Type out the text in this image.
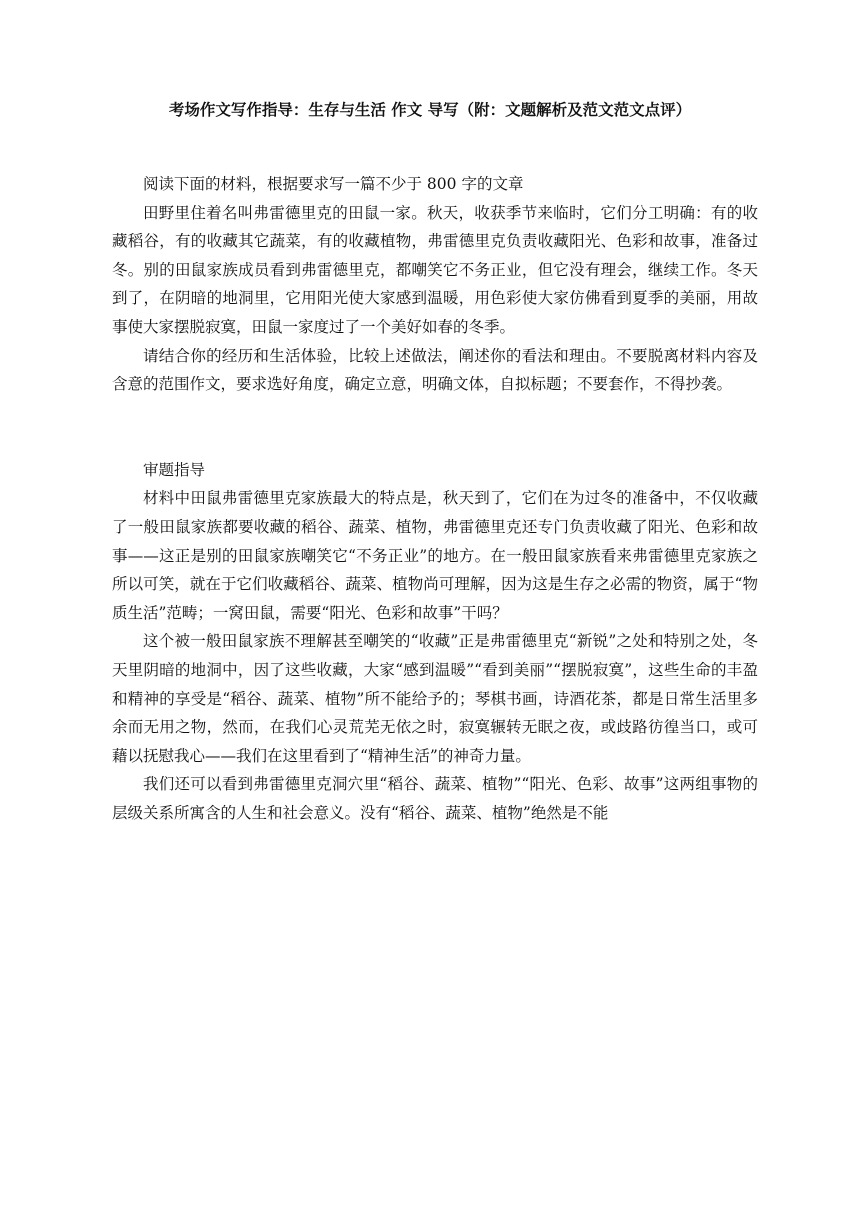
考场作文写作指导：生存与生活 作文 导写（附：文题解析及范文范文点评）

阅读下面的材料，根据要求写一篇不少于 800 字的文章

田野里住着名叫弗雷德里克的田鼠一家。秋天，收获季节来临时，它们分工明确：有的收藏稻谷，有的收藏其它蔬菜，有的收藏植物，弗雷德里克负责收藏阳光、色彩和故事，准备过冬。别的田鼠家族成员看到弗雷德里克，都嘲笑它不务正业，但它没有理会，继续工作。冬天到了，在阴暗的地洞里，它用阳光使大家感到温暖，用色彩使大家仿佛看到夏季的美丽，用故事使大家摆脱寂寞，田鼠一家度过了一个美好如春的冬季。

请结合你的经历和生活体验，比较上述做法，阐述你的看法和理由。不要脱离材料内容及含意的范围作文，要求选好角度，确定立意，明确文体，自拟标题；不要套作，不得抄袭。

审题指导

材料中田鼠弗雷德里克家族最大的特点是，秋天到了，它们在为过冬的准备中，不仅收藏了一般田鼠家族都要收藏的稻谷、蔬菜、植物，弗雷德里克还专门负责收藏了阳光、色彩和故事——这正是别的田鼠家族嘲笑它“不务正业”的地方。在一般田鼠家族看来弗雷德里克家族之所以可笑，就在于它们收藏稻谷、蔬菜、植物尚可理解，因为这是生存之必需的物资，属于“物质生活”范畴；一窝田鼠，需要“阳光、色彩和故事”干吗？

这个被一般田鼠家族不理解甚至嘲笑的“收藏”正是弗雷德里克“新锐”之处和特别之处，冬天里阴暗的地洞中，因了这些收藏，大家“感到温暖”“看到美丽”“摆脱寂寞”，这些生命的丰盈和精神的享受是“稻谷、蔬菜、植物”所不能给予的；琴棋书画，诗酒花茶，都是日常生活里多余而无用之物，然而，在我们心灵荒芜无依之时，寂寞辗转无眠之夜，或歧路彷徨当口，或可藉以抚慰我心——我们在这里看到了“精神生活”的神奇力量。

我们还可以看到弗雷德里克洞穴里“稻谷、蔬菜、植物”“阳光、色彩、故事”这两组事物的层级关系所寓含的人生和社会意义。没有“稻谷、蔬菜、植物”绝然是不能
